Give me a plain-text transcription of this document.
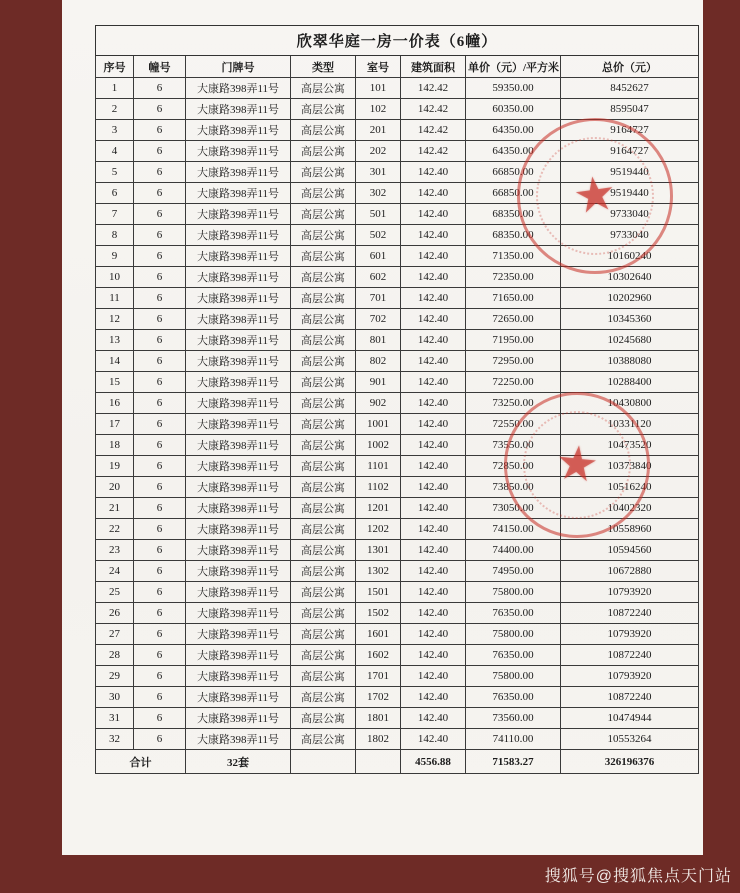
欣翠华庭一房一价表（6幢）							
序号	幢号	门牌号	类型	室号	建筑面积	单价（元）/平方米	总价（元）
1	6	大康路398弄11号	高层公寓	101	142.42	59350.00	8452627
2	6	大康路398弄11号	高层公寓	102	142.42	60350.00	8595047
3	6	大康路398弄11号	高层公寓	201	142.42	64350.00	9164727
4	6	大康路398弄11号	高层公寓	202	142.42	64350.00	9164727
5	6	大康路398弄11号	高层公寓	301	142.40	66850.00	9519440
6	6	大康路398弄11号	高层公寓	302	142.40	66850.00	9519440
7	6	大康路398弄11号	高层公寓	501	142.40	68350.00	9733040
8	6	大康路398弄11号	高层公寓	502	142.40	68350.00	9733040
9	6	大康路398弄11号	高层公寓	601	142.40	71350.00	10160240
10	6	大康路398弄11号	高层公寓	602	142.40	72350.00	10302640
11	6	大康路398弄11号	高层公寓	701	142.40	71650.00	10202960
12	6	大康路398弄11号	高层公寓	702	142.40	72650.00	10345360
13	6	大康路398弄11号	高层公寓	801	142.40	71950.00	10245680
14	6	大康路398弄11号	高层公寓	802	142.40	72950.00	10388080
15	6	大康路398弄11号	高层公寓	901	142.40	72250.00	10288400
16	6	大康路398弄11号	高层公寓	902	142.40	73250.00	10430800
17	6	大康路398弄11号	高层公寓	1001	142.40	72550.00	10331120
18	6	大康路398弄11号	高层公寓	1002	142.40	73550.00	10473520
19	6	大康路398弄11号	高层公寓	1101	142.40	72850.00	10373840
20	6	大康路398弄11号	高层公寓	1102	142.40	73850.00	10516240
21	6	大康路398弄11号	高层公寓	1201	142.40	73050.00	10402320
22	6	大康路398弄11号	高层公寓	1202	142.40	74150.00	10558960
23	6	大康路398弄11号	高层公寓	1301	142.40	74400.00	10594560
24	6	大康路398弄11号	高层公寓	1302	142.40	74950.00	10672880
25	6	大康路398弄11号	高层公寓	1501	142.40	75800.00	10793920
26	6	大康路398弄11号	高层公寓	1502	142.40	76350.00	10872240
27	6	大康路398弄11号	高层公寓	1601	142.40	75800.00	10793920
28	6	大康路398弄11号	高层公寓	1602	142.40	76350.00	10872240
29	6	大康路398弄11号	高层公寓	1701	142.40	75800.00	10793920
30	6	大康路398弄11号	高层公寓	1702	142.40	76350.00	10872240
31	6	大康路398弄11号	高层公寓	1801	142.40	73560.00	10474944
32	6	大康路398弄11号	高层公寓	1802	142.40	74110.00	10553264
合计		32套			4556.88	71583.27	326196376
★
★
搜狐号@搜狐焦点天门站
